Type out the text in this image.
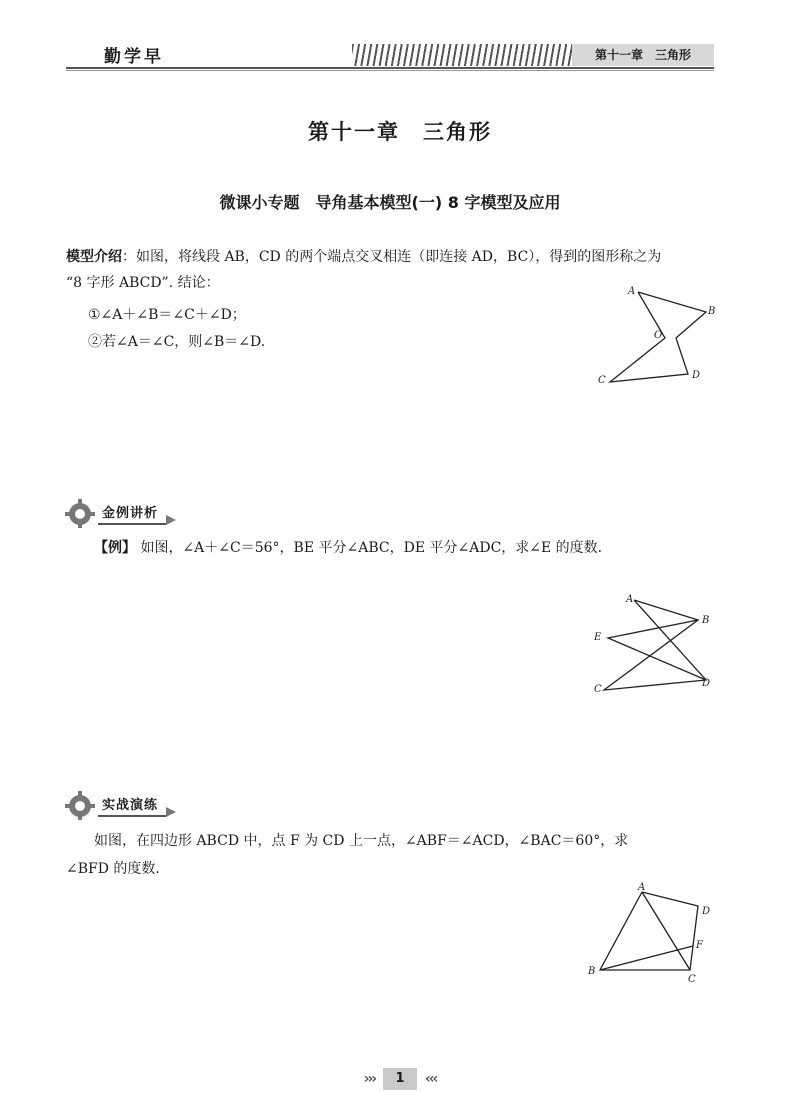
勤学早	第十一章　三角形
第十一章　三角形
微课小专题　导角基本模型(一) 8 字模型及应用
模型介绍：如图，将线段 AB，CD 的两个端点交叉相连（即连接 AD，BC），得到的图形称之为
“8 字形 ABCD”. 结论：
①∠A＋∠B＝∠C＋∠D；
②若∠A＝∠C，则∠B＝∠D.
A
B
O
C	D
金例讲析
【例】 如图，∠A＋∠C＝56°，BE 平分∠ABC，DE 平分∠ADC，求∠E 的度数.
A
B
E
C
D
实战演练
如图，在四边形 ABCD 中，点 F 为 CD 上一点，∠ABF＝∠ACD，∠BAC＝60°，求
∠BFD 的度数.
A
D
F
B
C
›››	1	‹‹‹
